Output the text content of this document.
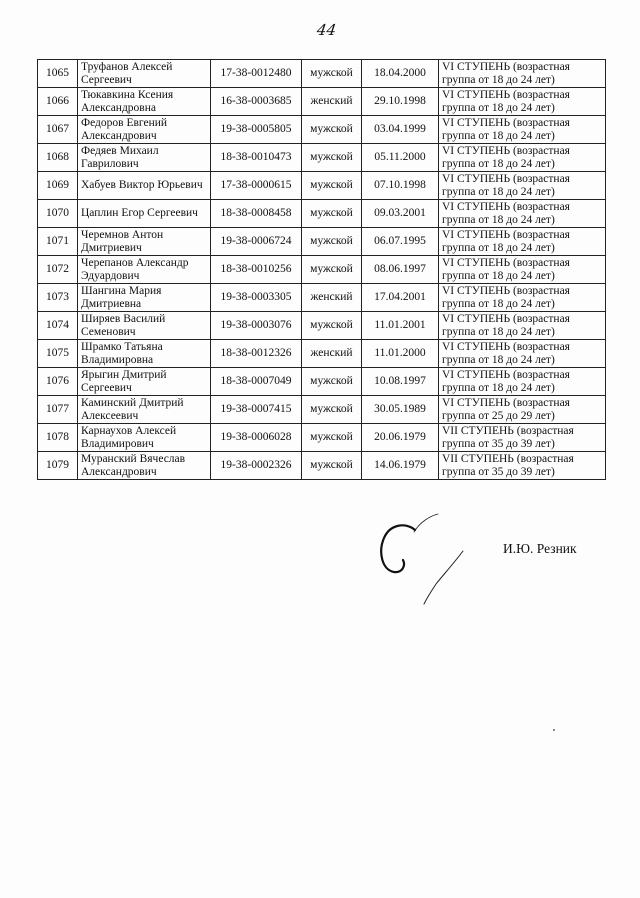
44
1065	Труфанов Алексей Сергеевич	17-38-0012480	мужской	18.04.2000	VI СТУПЕНЬ (возрастная группа от 18 до 24 лет)
1066	Тюкавкина Ксения Александровна	16-38-0003685	женский	29.10.1998	VI СТУПЕНЬ (возрастная группа от 18 до 24 лет)
1067	Федоров Евгений Александрович	19-38-0005805	мужской	03.04.1999	VI СТУПЕНЬ (возрастная группа от 18 до 24 лет)
1068	Федяев Михаил Гаврилович	18-38-0010473	мужской	05.11.2000	VI СТУПЕНЬ (возрастная группа от 18 до 24 лет)
1069	Хабуев Виктор Юрьевич	17-38-0000615	мужской	07.10.1998	VI СТУПЕНЬ (возрастная группа от 18 до 24 лет)
1070	Цаплин Егор Сергеевич	18-38-0008458	мужской	09.03.2001	VI СТУПЕНЬ (возрастная группа от 18 до 24 лет)
1071	Черемнов Антон Дмитриевич	19-38-0006724	мужской	06.07.1995	VI СТУПЕНЬ (возрастная группа от 18 до 24 лет)
1072	Черепанов Александр Эдуардович	18-38-0010256	мужской	08.06.1997	VI СТУПЕНЬ (возрастная группа от 18 до 24 лет)
1073	Шангина Мария Дмитриевна	19-38-0003305	женский	17.04.2001	VI СТУПЕНЬ (возрастная группа от 18 до 24 лет)
1074	Ширяев Василий Семенович	19-38-0003076	мужской	11.01.2001	VI СТУПЕНЬ (возрастная группа от 18 до 24 лет)
1075	Шрамко Татьяна Владимировна	18-38-0012326	женский	11.01.2000	VI СТУПЕНЬ (возрастная группа от 18 до 24 лет)
1076	Ярыгин Дмитрий Сергеевич	18-38-0007049	мужской	10.08.1997	VI СТУПЕНЬ (возрастная группа от 18 до 24 лет)
1077	Каминский Дмитрий Алексеевич	19-38-0007415	мужской	30.05.1989	VI СТУПЕНЬ (возрастная группа от 25 до 29 лет)
1078	Карнаухов Алексей Владимирович	19-38-0006028	мужской	20.06.1979	VII СТУПЕНЬ (возрастная группа от 35 до 39 лет)
1079	Муранский Вячеслав Александрович	19-38-0002326	мужской	14.06.1979	VII СТУПЕНЬ (возрастная группа от 35 до 39 лет)
И.Ю. Резник
